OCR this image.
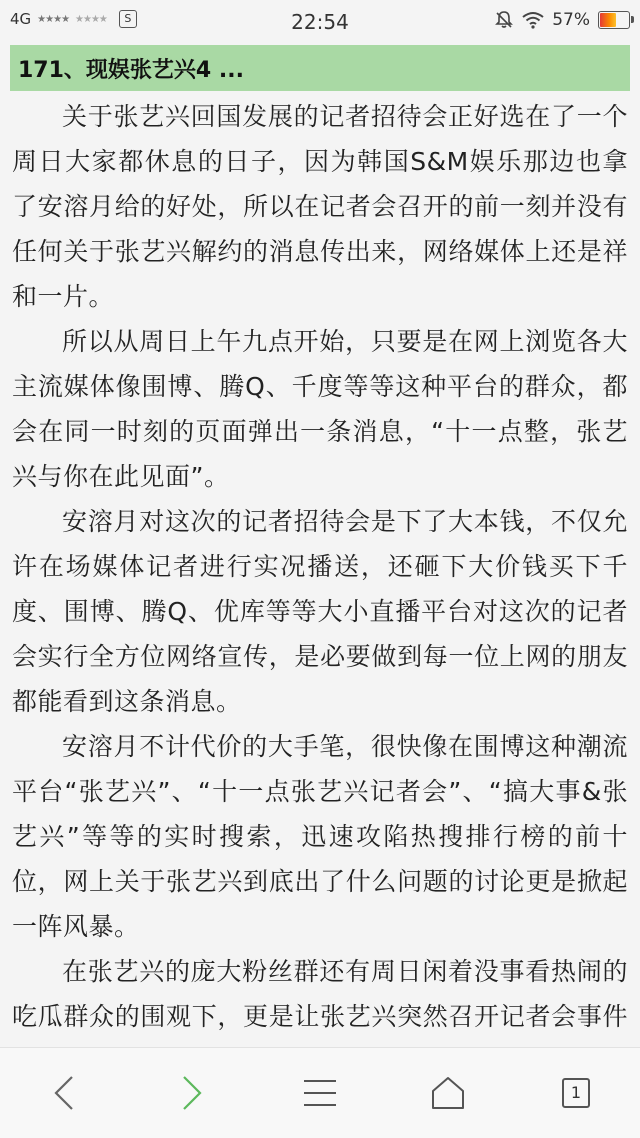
4G ★★★★ ★★★★	S	22:54	57%
171、现娱张艺兴4 ...

关于张艺兴回国发展的记者招待会正好选在了一个周日大家都休息的日子，因为韩国S&M娱乐那边也拿了安溶月给的好处，所以在记者会召开的前一刻并没有任何关于张艺兴解约的消息传出来，网络媒体上还是祥和一片。

所以从周日上午九点开始，只要是在网上浏览各大主流媒体像围博、腾Q、千度等等这种平台的群众，都会在同一时刻的页面弹出一条消息，“十一点整，张艺兴与你在此见面”。

安溶月对这次的记者招待会是下了大本钱，不仅允许在场媒体记者进行实况播送，还砸下大价钱买下千度、围博、腾Q、优库等等大小直播平台对这次的记者会实行全方位网络宣传，是必要做到每一位上网的朋友都能看到这条消息。

安溶月不计代价的大手笔，很快像在围博这种潮流平台“张艺兴”、“十一点张艺兴记者会”、“搞大事&张艺兴”等等的实时搜索，迅速攻陷热搜排行榜的前十位，网上关于张艺兴到底出了什么问题的讨论更是掀起一阵风暴。

在张艺兴的庞大粉丝群还有周日闲着没事看热闹的吃瓜群众的围观下，更是让张艺兴突然召开记者会事件

1
